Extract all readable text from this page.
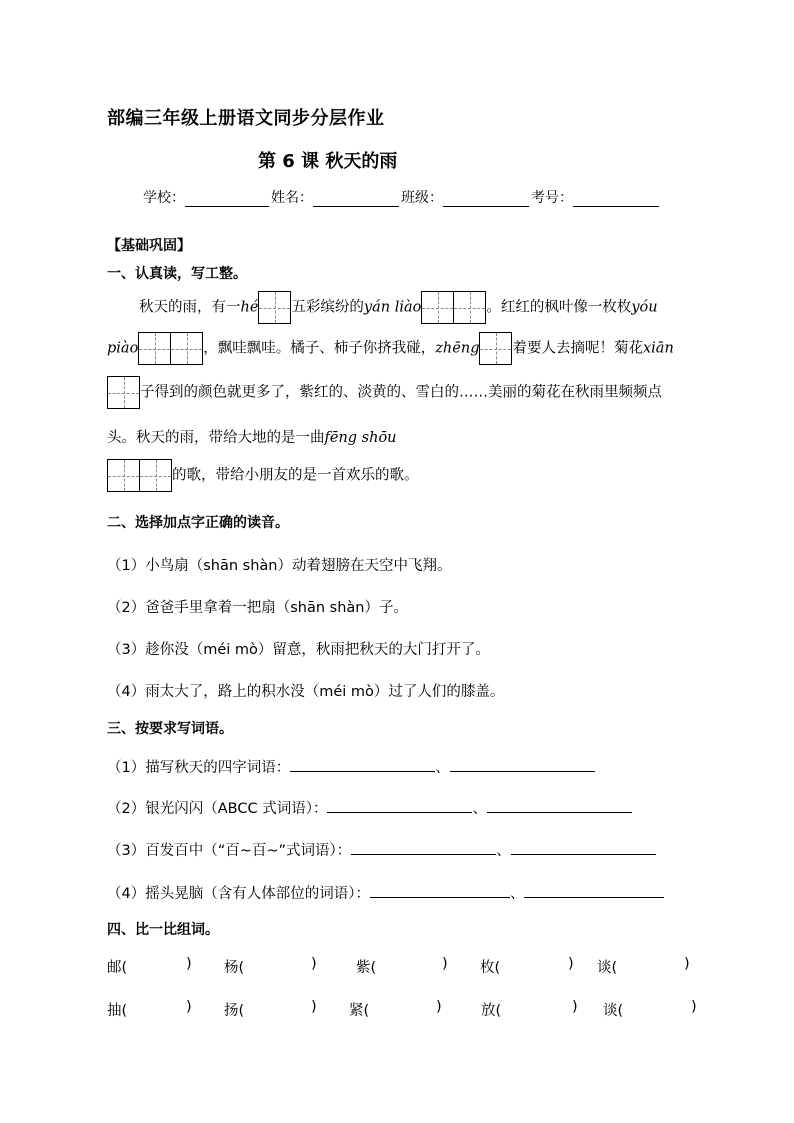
部编三年级上册语文同步分层作业
第 6 课 秋天的雨
学校：	姓名：	班级：	考号：
【基础巩固】
一、认真读，写工整。
秋天的雨，有一hé 五彩缤纷的yán liào	。红红的枫叶像一枚枚yóu
piào	，飘哇飘哇。橘子、柿子你挤我碰，zhēng 着要人去摘呢！菊花xiān
子得到的颜色就更多了，紫红的、淡黄的、雪白的……美丽的菊花在秋雨里频频点
头。秋天的雨，带给大地的是一曲fēng shōu
的歌，带给小朋友的是一首欢乐的歌。
二、选择加点字正确的读音。
（1）小鸟扇（shān shàn）动着翅膀在天空中飞翔。
（2）爸爸手里拿着一把扇（shān shàn）子。
（3）趁你没（méi mò）留意，秋雨把秋天的大门打开了。
（4）雨太大了，路上的积水没（méi mò）过了人们的膝盖。
三、按要求写词语。
（1）描写秋天的四字词语：	、
（2）银光闪闪（ABCC 式词语）：	、
（3）百发百中（“百~百~”式词语）：	、
（4）摇头晃脑（含有人体部位的词语）：	、
四、比一比组词。
邮(	) 杨(	)	紫(	) 枚(	) 谈(	)
抽(	) 扬(	) 紧(	)	放(	) 谈(	)
